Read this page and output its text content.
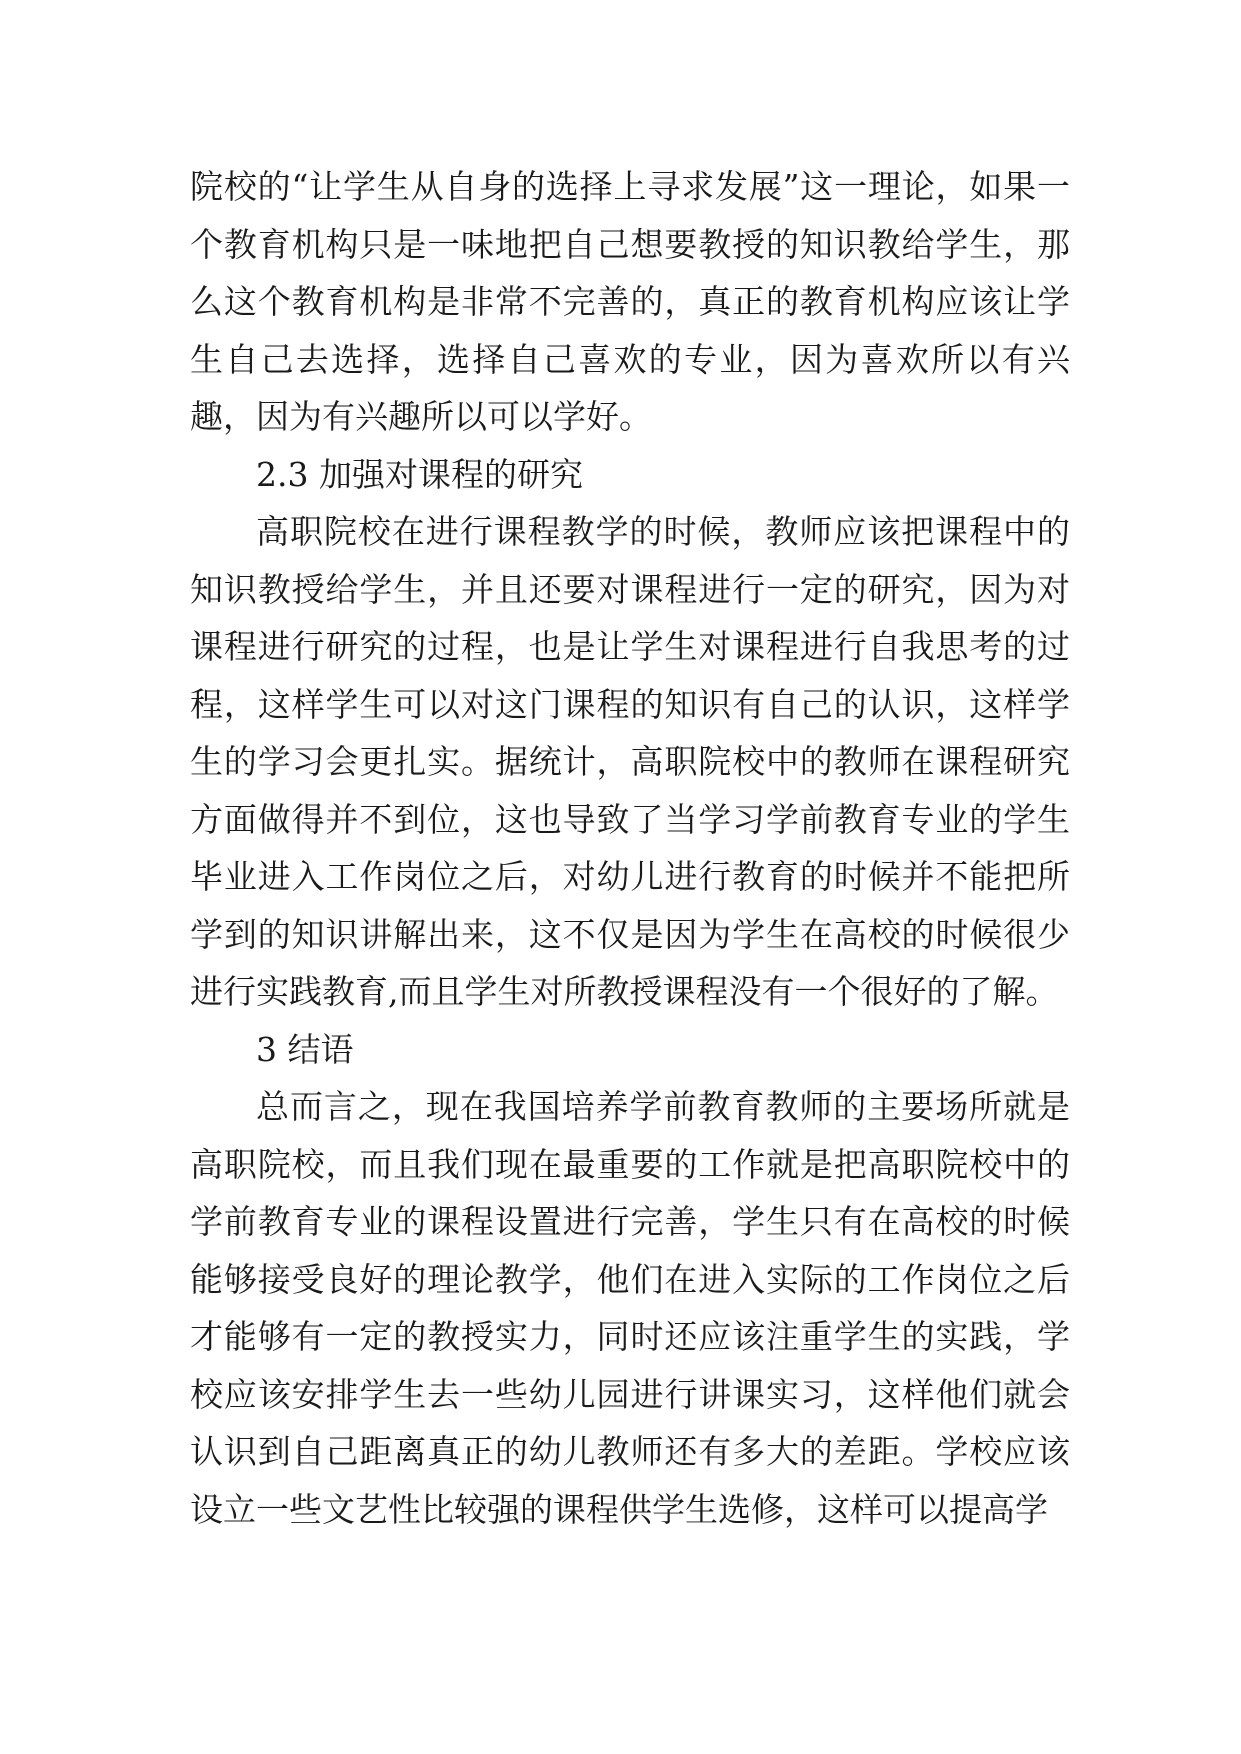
院校的“让学生从自身的选择上寻求发展”这一理论，如果一个教育机构只是一味地把自己想要教授的知识教给学生，那么这个教育机构是非常不完善的，真正的教育机构应该让学生自己去选择，选择自己喜欢的专业，因为喜欢所以有兴趣，因为有兴趣所以可以学好。

2.3 加强对课程的研究

高职院校在进行课程教学的时候，教师应该把课程中的知识教授给学生，并且还要对课程进行一定的研究，因为对课程进行研究的过程，也是让学生对课程进行自我思考的过程，这样学生可以对这门课程的知识有自己的认识，这样学生的学习会更扎实。据统计，高职院校中的教师在课程研究方面做得并不到位，这也导致了当学习学前教育专业的学生毕业进入工作岗位之后，对幼儿进行教育的时候并不能把所学到的知识讲解出来，这不仅是因为学生在高校的时候很少进行实践教育,而且学生对所教授课程没有一个很好的了解。

3 结语

总而言之，现在我国培养学前教育教师的主要场所就是高职院校，而且我们现在最重要的工作就是把高职院校中的学前教育专业的课程设置进行完善，学生只有在高校的时候能够接受良好的理论教学，他们在进入实际的工作岗位之后才能够有一定的教授实力，同时还应该注重学生的实践，学校应该安排学生去一些幼儿园进行讲课实习，这样他们就会认识到自己距离真正的幼儿教师还有多大的差距。学校应该设立一些文艺性比较强的课程供学生选修，这样可以提高学
